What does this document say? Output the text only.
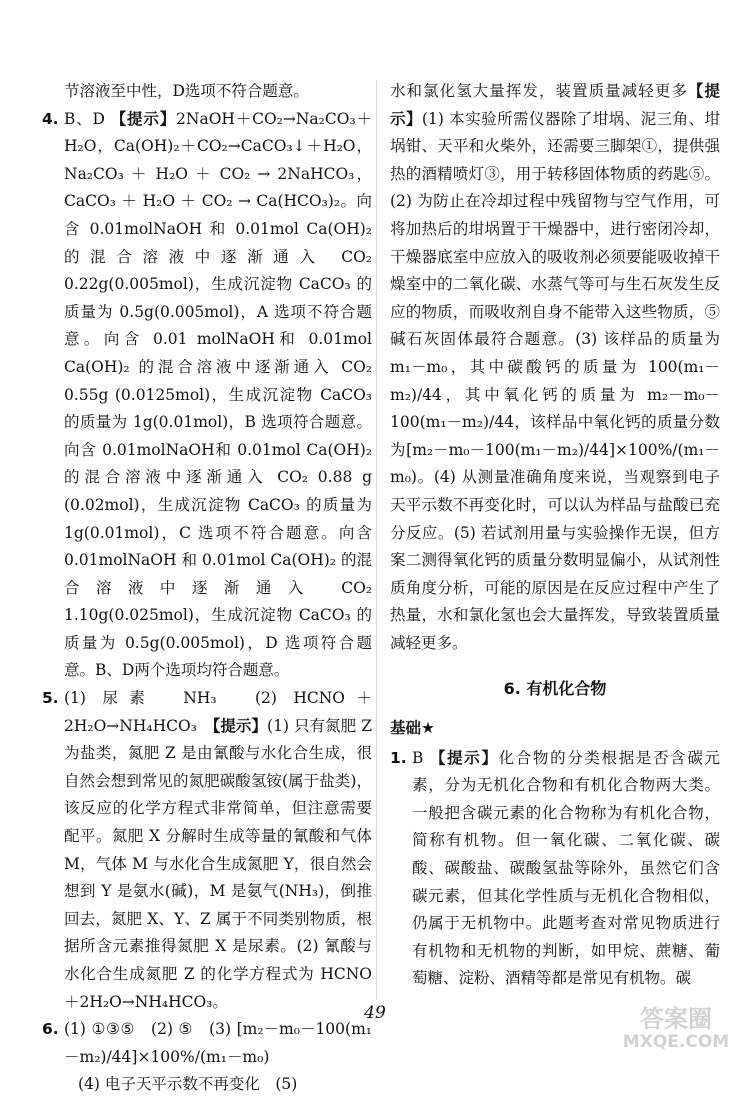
节溶液至中性，D选项不符合题意。

4. B、D 【提示】2NaOH＋CO₂→Na₂CO₃＋H₂O，Ca(OH)₂＋CO₂→CaCO₃↓＋H₂O，Na₂CO₃ ＋ H₂O ＋ CO₂ → 2NaHCO₃，CaCO₃ ＋ H₂O ＋ CO₂ → Ca(HCO₃)₂。向含 0.01molNaOH 和 0.01mol Ca(OH)₂ 的混合溶液中逐渐通入 CO₂ 0.22g(0.005mol)，生成沉淀物 CaCO₃ 的质量为 0.5g(0.005mol)，A 选项不符合题意。向含 0.01 molNaOH和 0.01mol Ca(OH)₂ 的混合溶液中逐渐通入 CO₂ 0.55g (0.0125mol)，生成沉淀物 CaCO₃ 的质量为 1g(0.01mol)，B 选项符合题意。向含 0.01molNaOH和 0.01mol Ca(OH)₂ 的混合溶液中逐渐通入 CO₂ 0.88 g (0.02mol)，生成沉淀物 CaCO₃ 的质量为 1g(0.01mol)，C 选项不符合题意。向含 0.01molNaOH 和 0.01mol Ca(OH)₂ 的混合溶液中逐渐通入 CO₂ 1.10g(0.025mol)，生成沉淀物 CaCO₃ 的质量为 0.5g(0.005mol)，D 选项符合题意。B、D两个选项均符合题意。

5. (1) 尿素　NH₃　(2) HCNO＋2H₂O→NH₄HCO₃　【提示】(1) 只有氮肥 Z 为盐类，氮肥 Z 是由氰酸与水化合生成，很自然会想到常见的氮肥碳酸氢铵(属于盐类)，该反应的化学方程式非常简单，但注意需要配平。氮肥 X 分解时生成等量的氰酸和气体 M，气体 M 与水化合生成氮肥 Y，很自然会想到 Y 是氨水(碱)，M 是氨气(NH₃)，倒推回去，氮肥 X、Y、Z 属于不同类别物质，根据所含元素推得氮肥 X 是尿素。(2) 氰酸与水化合生成氮肥 Z 的化学方程式为 HCNO＋2H₂O→NH₄HCO₃。

6. (1) ①③⑤　(2) ⑤　(3) [m₂－m₀－100(m₁－m₂)/44]×100%/(m₁－m₀)

(4) 电子天平示数不再变化　(5)

水和氯化氢大量挥发，装置质量减轻更多【提示】(1) 本实验所需仪器除了坩埚、泥三角、坩埚钳、天平和火柴外，还需要三脚架①，提供强热的酒精喷灯③，用于转移固体物质的药匙⑤。(2) 为防止在冷却过程中残留物与空气作用，可将加热后的坩埚置于干燥器中，进行密闭冷却，干燥器底室中应放入的吸收剂必须要能吸收掉干燥室中的二氧化碳、水蒸气等可与生石灰发生反应的物质，而吸收剂自身不能带入这些物质，⑤碱石灰固体最符合题意。(3) 该样品的质量为 m₁－m₀，其中碳酸钙的质量为 100(m₁－m₂)/44，其中氧化钙的质量为 m₂－m₀－100(m₁－m₂)/44，该样品中氧化钙的质量分数为[m₂－m₀－100(m₁－m₂)/44]×100%/(m₁－m₀)。(4) 从测量准确角度来说，当观察到电子天平示数不再变化时，可以认为样品与盐酸已充分反应。(5) 若试剂用量与实验操作无误，但方案二测得氧化钙的质量分数明显偏小，从试剂性质角度分析，可能的原因是在反应过程中产生了热量，水和氯化氢也会大量挥发，导致装置质量减轻更多。

6. 有机化合物
基础★

1. B 【提示】化合物的分类根据是否含碳元素，分为无机化合物和有机化合物两大类。一般把含碳元素的化合物称为有机化合物，简称有机物。但一氧化碳、二氧化碳、碳酸、碳酸盐、碳酸氢盐等除外，虽然它们含碳元素，但其化学性质与无机化合物相似，仍属于无机物中。此题考查对常见物质进行有机物和无机物的判断，如甲烷、蔗糖、葡萄糖、淀粉、酒精等都是常见有机物。碳

49	答案圈
MXQE.COM
